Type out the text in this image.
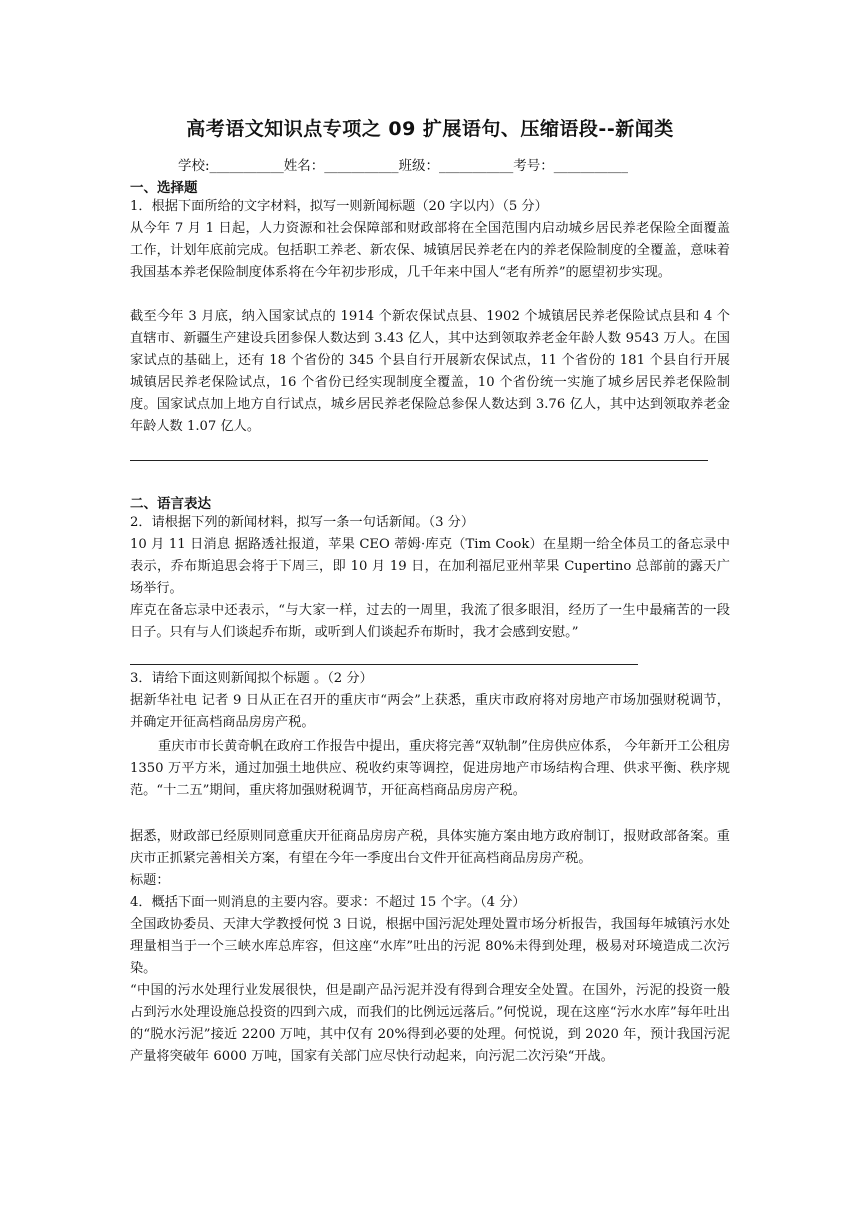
高考语文知识点专项之 09 扩展语句、压缩语段--新闻类
学校:___________姓名：___________班级：___________考号：___________
一、选择题
1．根据下面所给的文字材料，拟写一则新闻标题（20 字以内）（5 分）
从今年 7 月 1 日起，人力资源和社会保障部和财政部将在全国范围内启动城乡居民养老保险全面覆盖工作，计划年底前完成。包括职工养老、新农保、城镇居民养老在内的养老保险制度的全覆盖，意味着我国基本养老保险制度体系将在今年初步形成，几千年来中国人“老有所养”的愿望初步实现。
截至今年 3 月底，纳入国家试点的 1914 个新农保试点县、1902 个城镇居民养老保险试点县和 4 个直辖市、新疆生产建设兵团参保人数达到 3.43 亿人，其中达到领取养老金年龄人数 9543 万人。在国家试点的基础上，还有 18 个省份的 345 个县自行开展新农保试点，11 个省份的 181 个县自行开展城镇居民养老保险试点，16 个省份已经实现制度全覆盖，10 个省份统一实施了城乡居民养老保险制度。国家试点加上地方自行试点，城乡居民养老保险总参保人数达到 3.76 亿人，其中达到领取养老金年龄人数 1.07 亿人。
二、语言表达
2．请根据下列的新闻材料，拟写一条一句话新闻。（3 分）
10 月 11 日消息 据路透社报道，苹果 CEO 蒂姆·库克（Tim Cook）在星期一给全体员工的备忘录中表示，乔布斯追思会将于下周三，即 10 月 19 日，在加利福尼亚州苹果 Cupertino 总部前的露天广场举行。
库克在备忘录中还表示，“与大家一样，过去的一周里，我流了很多眼泪，经历了一生中最痛苦的一段日子。只有与人们谈起乔布斯，或听到人们谈起乔布斯时，我才会感到安慰。”
3．请给下面这则新闻拟个标题 。（2 分）
据新华社电 记者 9 日从正在召开的重庆市“两会”上获悉，重庆市政府将对房地产市场加强财税调节，并确定开征高档商品房房产税。
重庆市市长黄奇帆在政府工作报告中提出，重庆将完善“双轨制”住房供应体系， 今年新开工公租房 1350 万平方米，通过加强土地供应、税收约束等调控，促进房地产市场结构合理、供求平衡、秩序规范。“十二五”期间，重庆将加强财税调节，开征高档商品房房产税。
据悉，财政部已经原则同意重庆开征商品房房产税，具体实施方案由地方政府制订，报财政部备案。重庆市正抓紧完善相关方案，有望在今年一季度出台文件开征高档商品房房产税。
标题：
4．概括下面一则消息的主要内容。要求：不超过 15 个字。（4 分）
全国政协委员、天津大学教授何悦 3 日说，根据中国污泥处理处置市场分析报告，我国每年城镇污水处理量相当于一个三峡水库总库容，但这座“水库”吐出的污泥 80%未得到处理，极易对环境造成二次污染。
“中国的污水处理行业发展很快，但是副产品污泥并没有得到合理安全处置。在国外，污泥的投资一般占到污水处理设施总投资的四到六成，而我们的比例远远落后。”何悦说，现在这座“污水水库”每年吐出的“脱水污泥”接近 2200 万吨，其中仅有 20%得到必要的处理。何悦说，到 2020 年，预计我国污泥产量将突破年 6000 万吨，国家有关部门应尽快行动起来，向污泥二次污染“开战。
